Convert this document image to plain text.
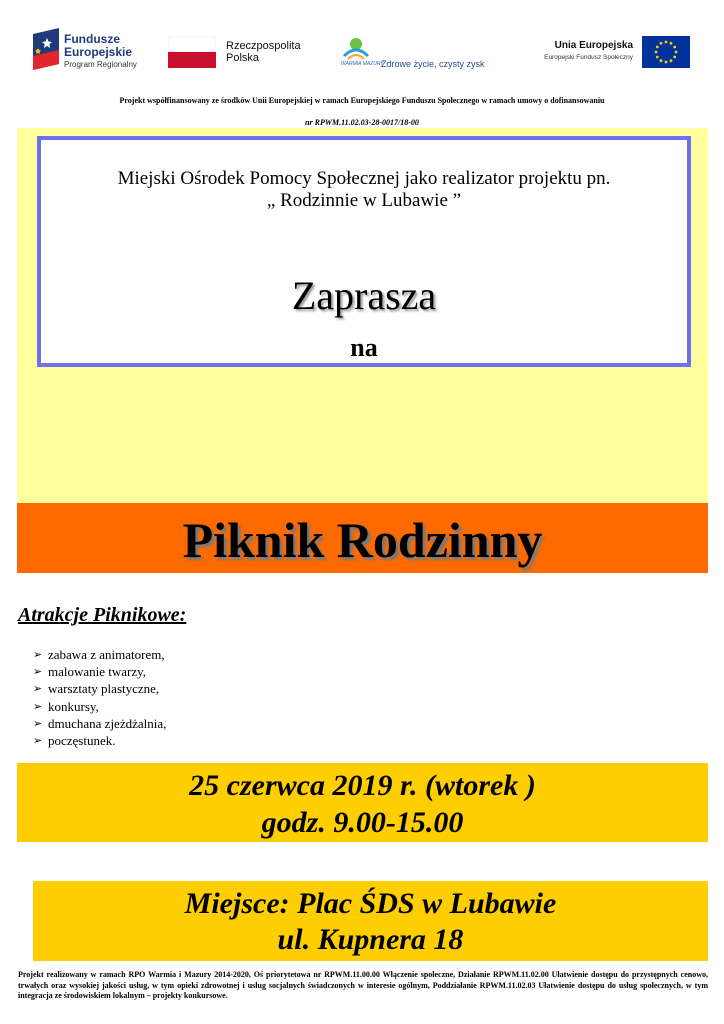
Fundusze
Europejskie
Program Regionalny
Rzeczpospolita
Polska	WARMIA MAZURY
Zdrowe życie, czysty zysk
Unia Europejska
Europejski Fundusz Społeczny
Projekt współfinansowany ze środków Unii Europejskiej w ramach Europejskiego Funduszu Społecznego w ramach umowy o dofinansowaniu
nr RPWM.11.02.03-28-0017/18-00
Miejski Ośrodek Pomocy Społecznej jako realizator projektu pn.
„ Rodzinnie w Lubawie ”
Zaprasza
na
Piknik Rodzinny
Atrakcje Piknikowe:
➢ zabawa z animatorem,
➢ malowanie twarzy,
➢ warsztaty plastyczne,
➢ konkursy,
➢ dmuchana zjeżdżalnia,
➢ poczęstunek.
25 czerwca 2019 r. (wtorek )
godz. 9.00-15.00
Miejsce: Plac ŚDS w Lubawie
ul. Kupnera 18
Projekt realizowany w ramach RPO Warmia i Mazury 2014-2020, Oś priorytetowa nr RPWM.11.00.00 Włączenie społeczne, Działanie RPWM.11.02.00 Ułatwienie dostępu do przystępnych cenowo, trwałych oraz wysokiej jakości usług, w tym opieki zdrowotnej i usług socjalnych świadczonych w interesie ogólnym, Poddziałanie RPWM.11.02.03 Ułatwienie dostępu do usług społecznych, w tym integracja ze środowiskiem lokalnym – projekty konkursowe.
